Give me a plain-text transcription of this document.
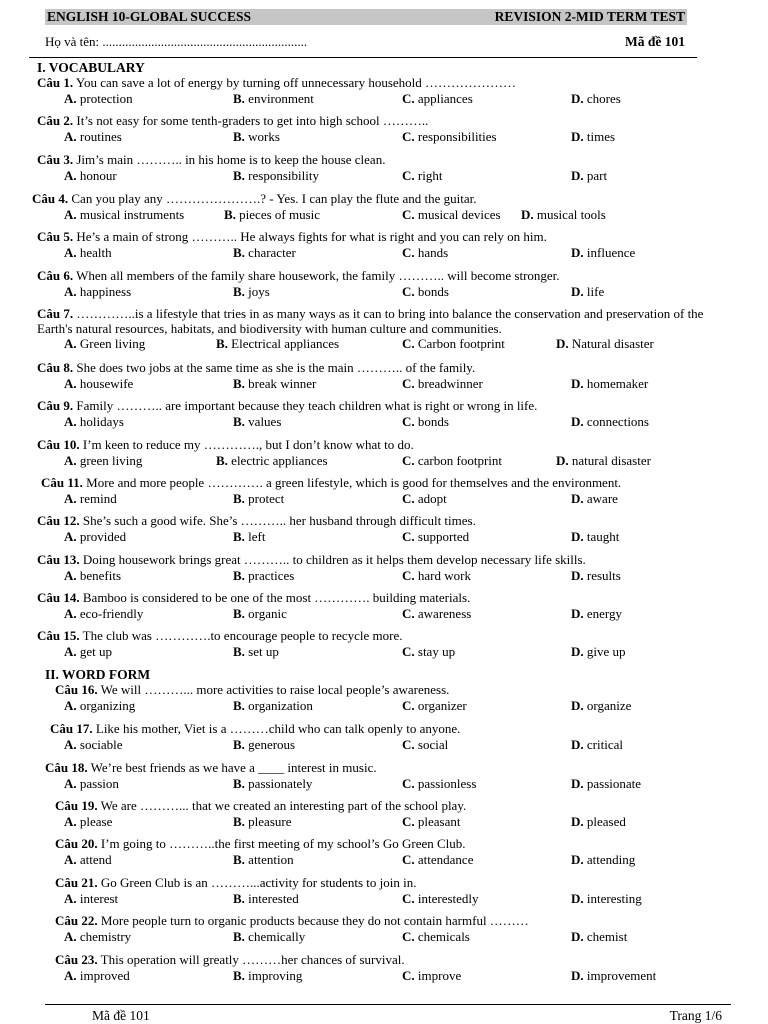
ENGLISH 10-GLOBAL SUCCESS	REVISION 2-MID TERM TEST
Họ và tên: ...............................................................	Mã đề 101
I. VOCABULARY
II. WORD FORM
Câu 1. You can save a lot of energy by turning off unnecessary household …………………
A. protection	B. environment	C. appliances	D. chores
Câu 2. It’s not easy for some tenth-graders to get into high school ………..
A. routines	B. works	C. responsibilities	D. times
Câu 3. Jim’s main ……….. in his home is to keep the house clean.
A. honour	B. responsibility	C. right	D. part
Câu 4. Can you play any ………………….? - Yes. I can play the flute and the guitar.
A. musical instruments	B. pieces of music	C. musical devices D. musical tools
Câu 5. He’s a main of strong ……….. He always fights for what is right and you can rely on him.
A. health	B. character	C. hands	D. influence
Câu 6. When all members of the family share housework, the family ……….. will become stronger.
A. happiness	B. joys	C. bonds	D. life
Câu 7. …………..is a lifestyle that tries in as many ways as it can to bring into balance the conservation and preservation of the Earth's natural resources, habitats, and biodiversity with human culture and communities.
A. Green living	B. Electrical appliances	C. Carbon footprint	D. Natural disaster
Câu 8. She does two jobs at the same time as she is the main ……….. of the family.
A. housewife	B. break winner	C. breadwinner	D. homemaker
Câu 9. Family ……….. are important because they teach children what is right or wrong in life.
A. holidays	B. values	C. bonds	D. connections
Câu 10. I’m keen to reduce my …………., but I don’t know what to do.
A. green living	B. electric appliances	C. carbon footprint	D. natural disaster
Câu 11. More and more people …………. a green lifestyle, which is good for themselves and the environment.
A. remind	B. protect	C. adopt	D. aware
Câu 12. She’s such a good wife. She’s ……….. her husband through difficult times.
A. provided	B. left	C. supported	D. taught
Câu 13. Doing housework brings great ……….. to children as it helps them develop necessary life skills.
A. benefits	B. practices	C. hard work	D. results
Câu 14. Bamboo is considered to be one of the most …………. building materials.
A. eco-friendly	B. organic	C. awareness	D. energy
Câu 15. The club was ………….to encourage people to recycle more.
A. get up	B. set up	C. stay up	D. give up
Câu 16. We will ………... more activities to raise local people’s awareness.
A. organizing	B. organization	C. organizer	D. organize
Câu 17. Like his mother, Viet is a ………child who can talk openly to anyone.
A. sociable	B. generous	C. social	D. critical
Câu 18. We’re best friends as we have a ____ interest in music.
A. passion	B. passionately	C. passionless	D. passionate
Câu 19. We are ………... that we created an interesting part of the school play.
A. please	B. pleasure	C. pleasant	D. pleased
Câu 20. I’m going to ………..the first meeting of my school’s Go Green Club.
A. attend	B. attention	C. attendance	D. attending
Câu 21. Go Green Club is an ………...activity for students to join in.
A. interest	B. interested	C. interestedly	D. interesting
Câu 22. More people turn to organic products because they do not contain harmful ………
A. chemistry	B. chemically	C. chemicals	D. chemist
Câu 23. This operation will greatly ………her chances of survival.
A. improved	B. improving	C. improve	D. improvement
Mã đề 101	Trang 1/6
